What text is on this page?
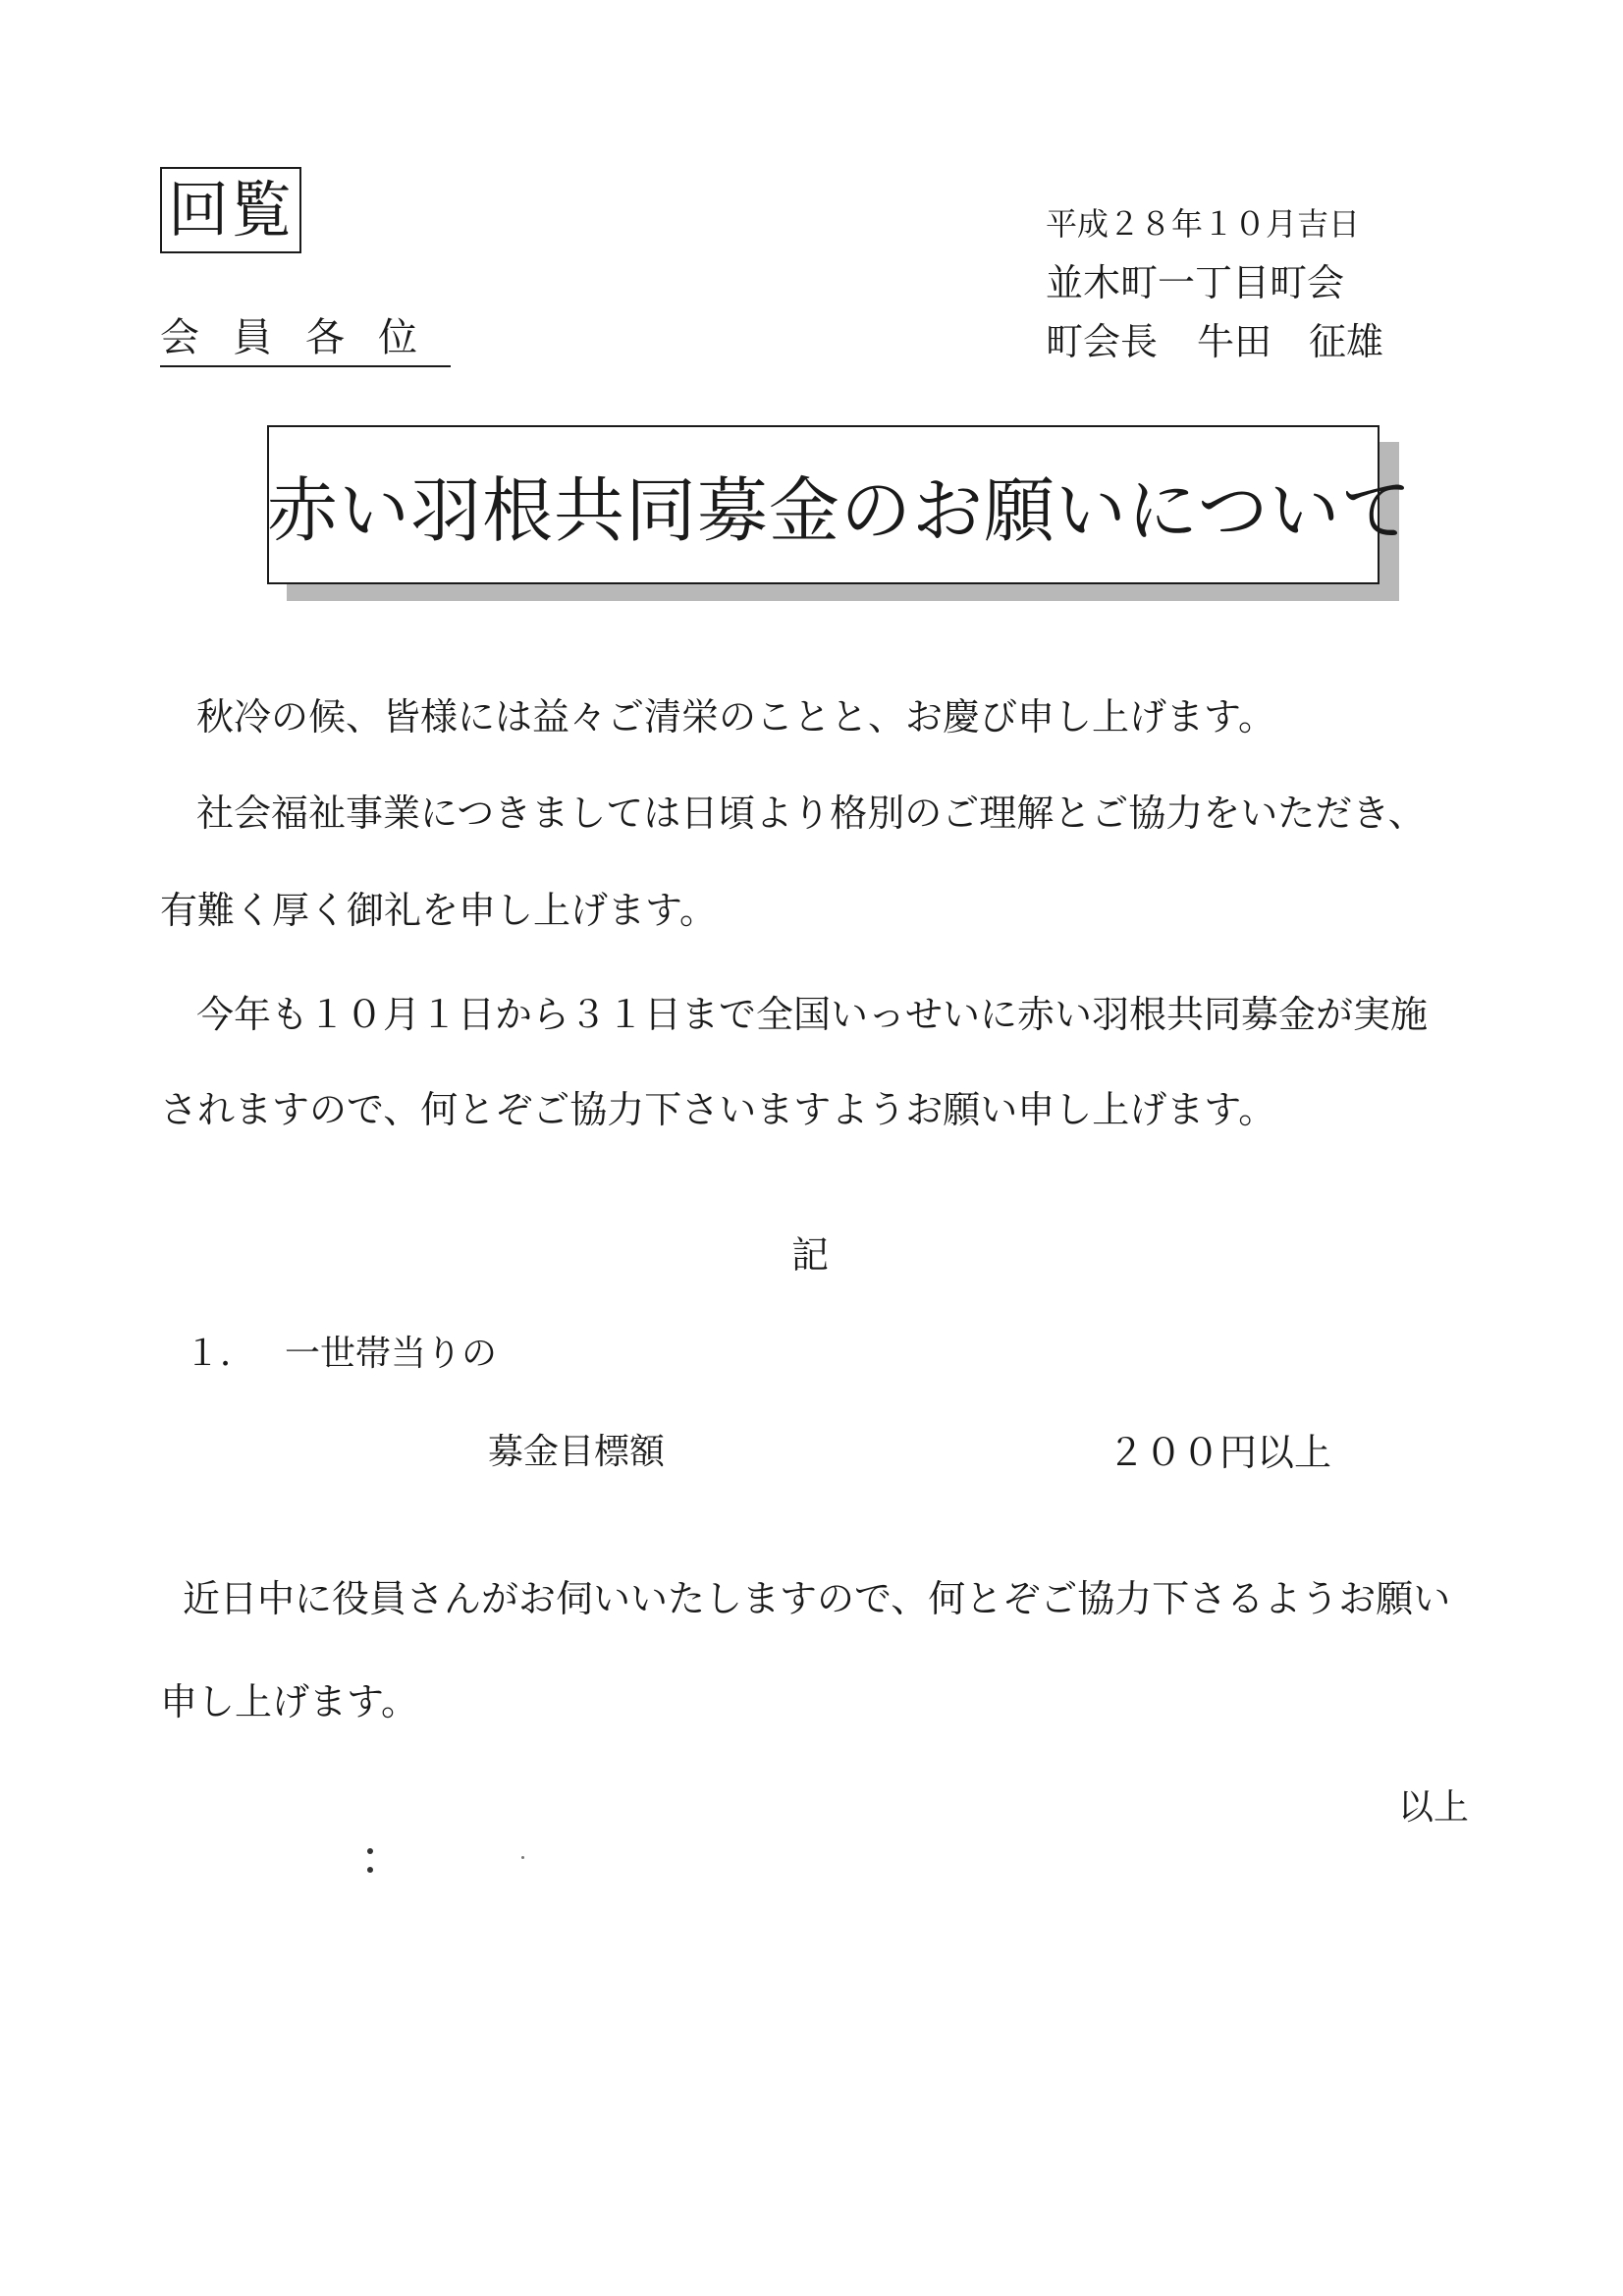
回覧
会員各位
平成２８年１０月吉日
並木町一丁目町会
町会長 牛田　征雄
赤い羽根共同募金のお願いについて
秋冷の候、皆様には益々ご清栄のことと、お慶び申し上げます。
社会福祉事業につきましては日頃より格別のご理解とご協力をいただき、
有難く厚く御礼を申し上げます。
今年も１０月１日から３１日まで全国いっせいに赤い羽根共同募金が実施
されますので、何とぞご協力下さいますようお願い申し上げます。
記
１． 一世帯当りの
募金目標額	２００円以上
近日中に役員さんがお伺いいたしますので、何とぞご協力下さるようお願い
申し上げます。
以上
